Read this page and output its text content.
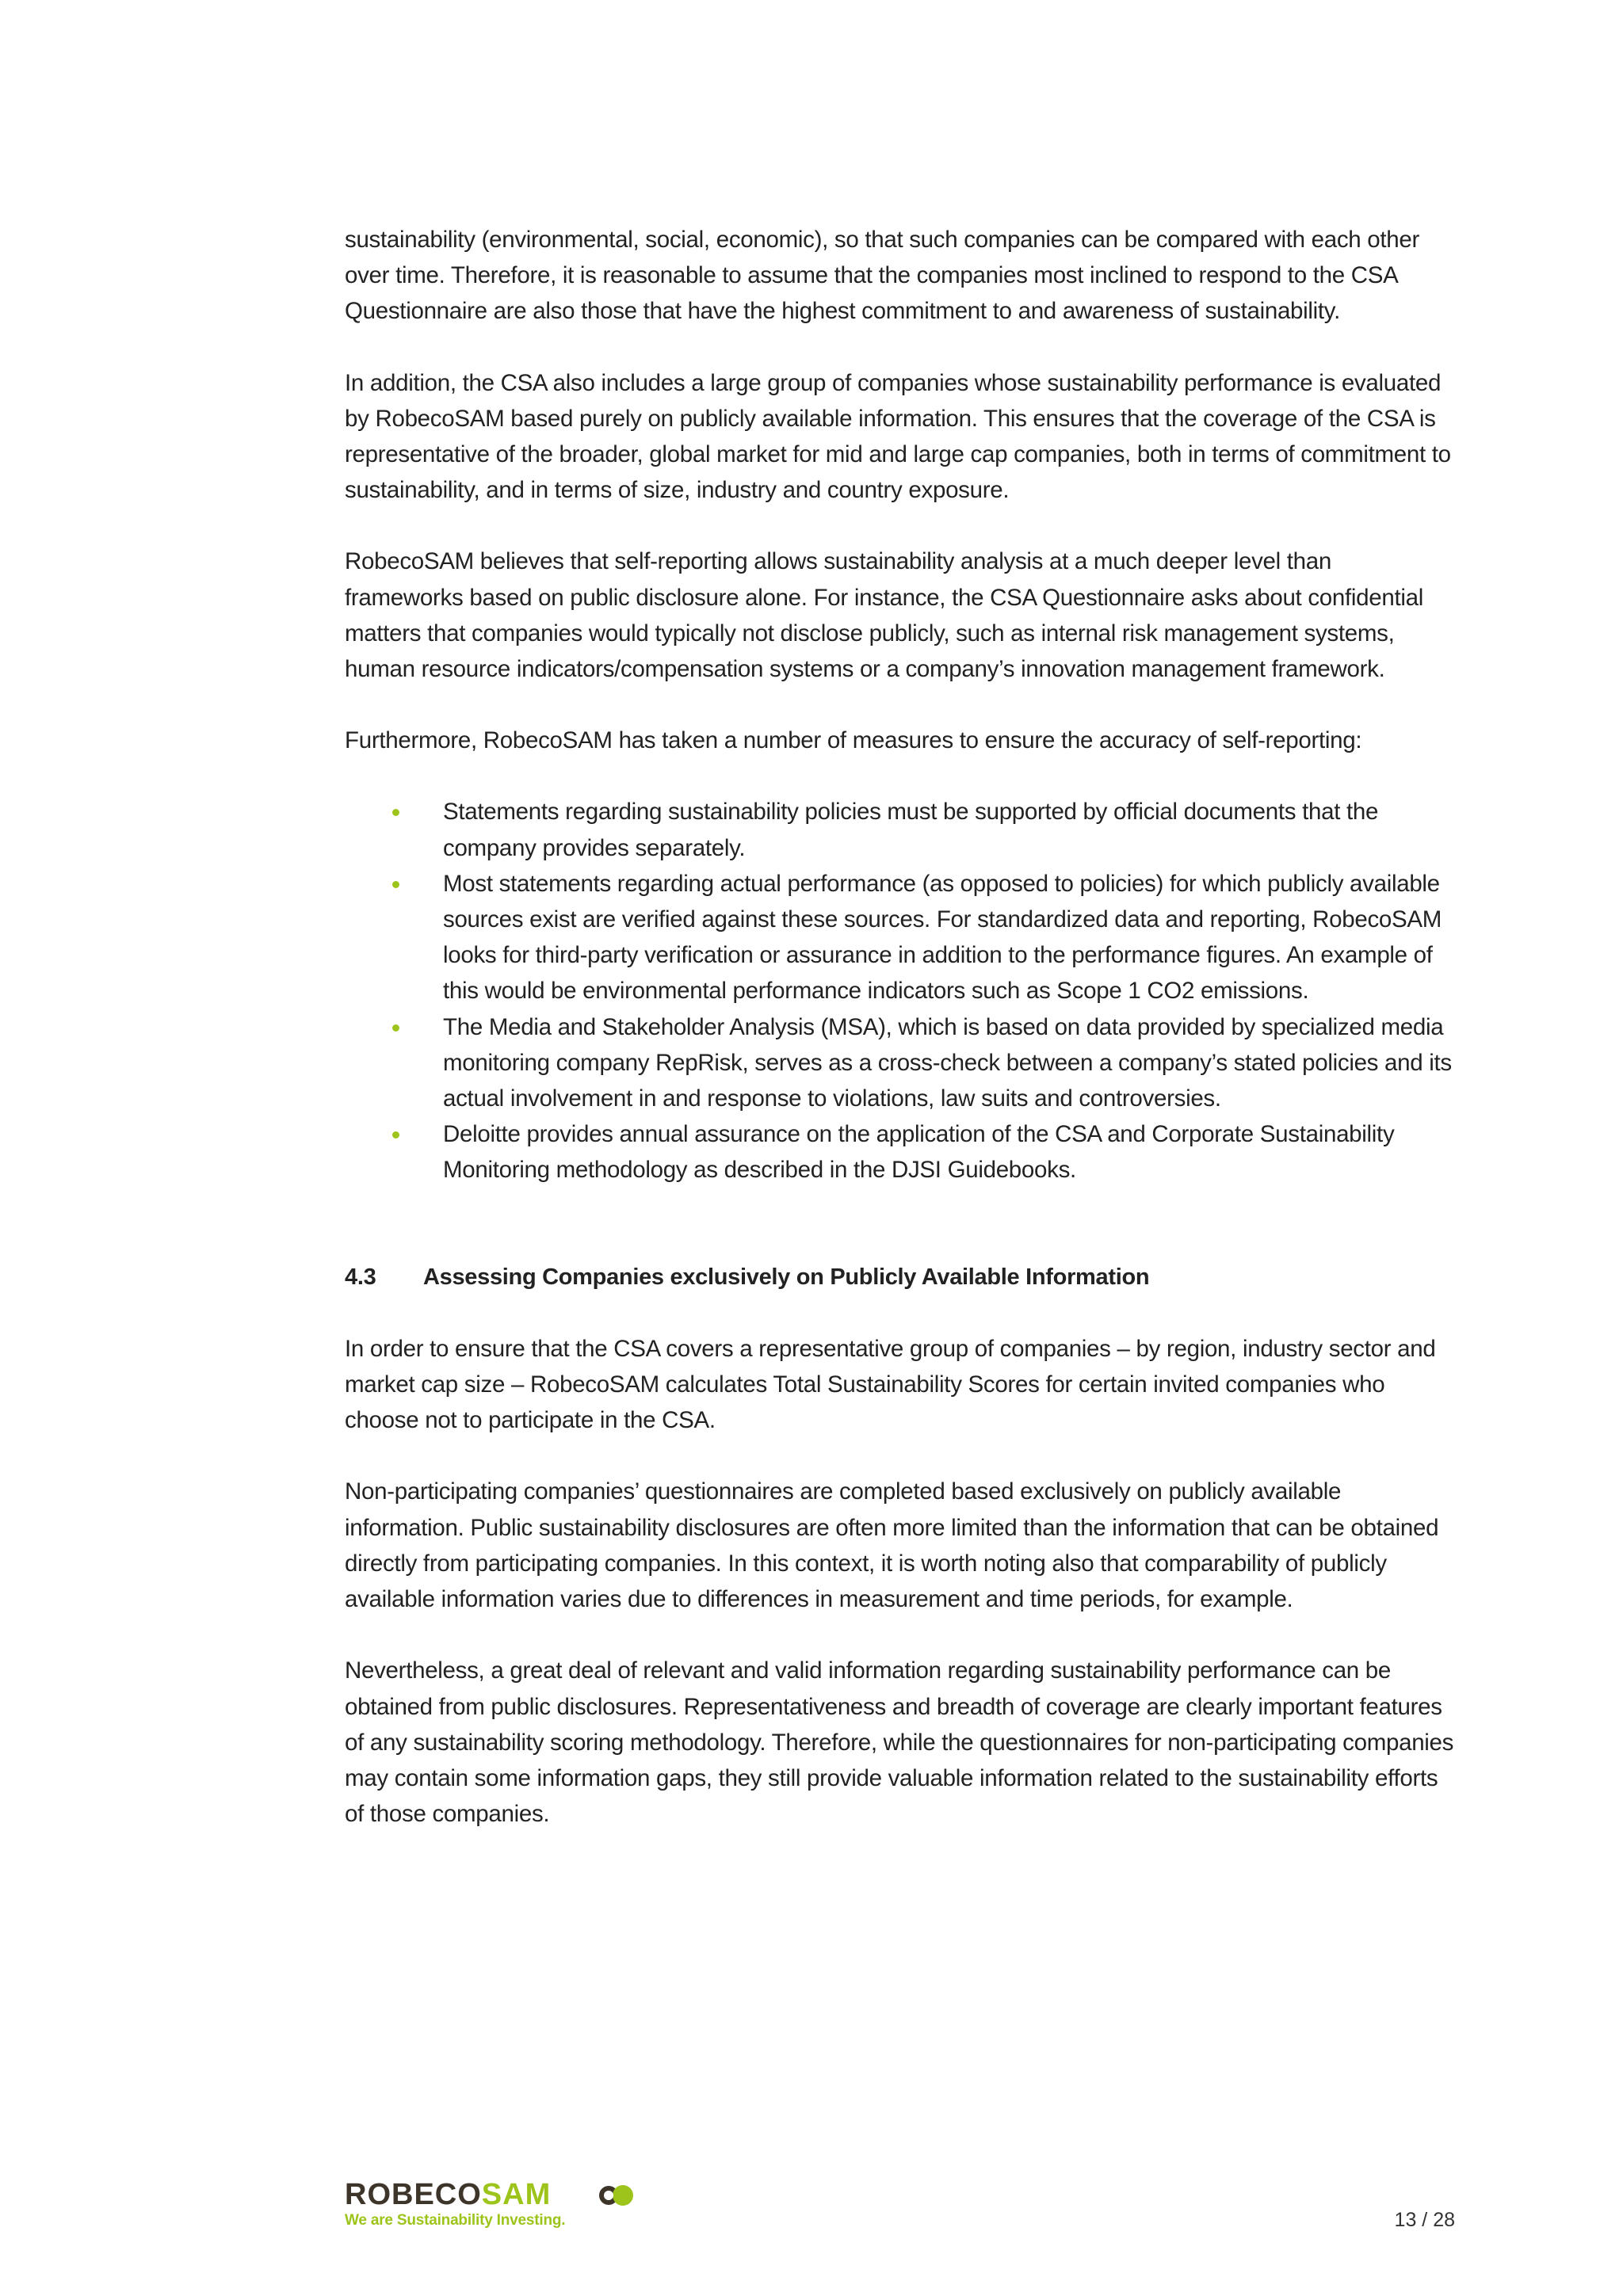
sustainability (environmental, social, economic), so that such companies can be compared with each other over time. Therefore, it is reasonable to assume that the companies most inclined to respond to the CSA Questionnaire are also those that have the highest commitment to and awareness of sustainability.

In addition, the CSA also includes a large group of companies whose sustainability performance is evaluated by RobecoSAM based purely on publicly available information. This ensures that the coverage of the CSA is representative of the broader, global market for mid and large cap companies, both in terms of commitment to sustainability, and in terms of size, industry and country exposure.

RobecoSAM believes that self-reporting allows sustainability analysis at a much deeper level than frameworks based on public disclosure alone. For instance, the CSA Questionnaire asks about confidential matters that companies would typically not disclose publicly, such as internal risk management systems, human resource indicators/compensation systems or a company’s innovation management framework.

Furthermore, RobecoSAM has taken a number of measures to ensure the accuracy of self-reporting:

Statements regarding sustainability policies must be supported by official documents that the company provides separately.
Most statements regarding actual performance (as opposed to policies) for which publicly available sources exist are verified against these sources. For standardized data and reporting, RobecoSAM looks for third-party verification or assurance in addition to the performance figures. An example of this would be environmental performance indicators such as Scope 1 CO2 emissions.
The Media and Stakeholder Analysis (MSA), which is based on data provided by specialized media monitoring company RepRisk, serves as a cross-check between a company’s stated policies and its actual involvement in and response to violations, law suits and controversies.
Deloitte provides annual assurance on the application of the CSA and Corporate Sustainability Monitoring methodology as described in the DJSI Guidebooks.
4.3	Assessing Companies exclusively on Publicly Available Information

In order to ensure that the CSA covers a representative group of companies – by region, industry sector and market cap size – RobecoSAM calculates Total Sustainability Scores for certain invited companies who choose not to participate in the CSA.

Non-participating companies’ questionnaires are completed based exclusively on publicly available information. Public sustainability disclosures are often more limited than the information that can be obtained directly from participating companies. In this context, it is worth noting also that comparability of publicly available information varies due to differences in measurement and time periods, for example.

Nevertheless, a great deal of relevant and valid information regarding sustainability performance can be obtained from public disclosures. Representativeness and breadth of coverage are clearly important features of any sustainability scoring methodology. Therefore, while the questionnaires for non-participating companies may contain some information gaps, they still provide valuable information related to the sustainability efforts of those companies.

ROBECOSAM
We are Sustainability Investing.	13 / 28
